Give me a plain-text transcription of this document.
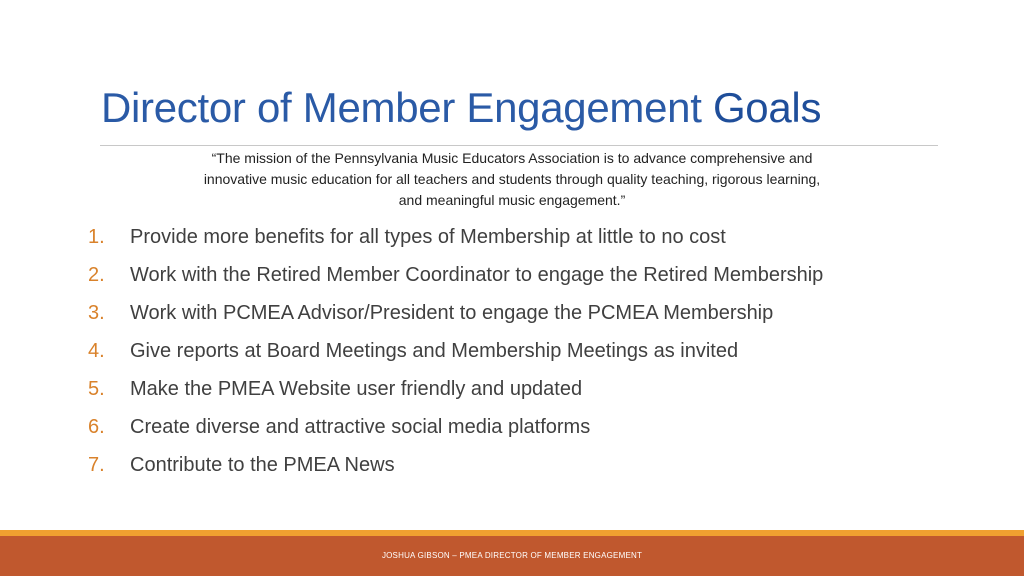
Director of Member Engagement Goals
“The mission of the Pennsylvania Music Educators Association is to advance comprehensive and
innovative music education for all teachers and students through quality teaching, rigorous learning,
and meaningful music engagement.”
1.	Provide more benefits for all types of Membership at little to no cost
2.	Work with the Retired Member Coordinator to engage the Retired Membership
3.	Work with PCMEA Advisor/President to engage the PCMEA Membership
4.	Give reports at Board Meetings and Membership Meetings as invited
5.	Make the PMEA Website user friendly and updated
6.	Create diverse and attractive social media platforms
7.	Contribute to the PMEA News
JOSHUA GIBSON – PMEA DIRECTOR OF MEMBER ENGAGEMENT
